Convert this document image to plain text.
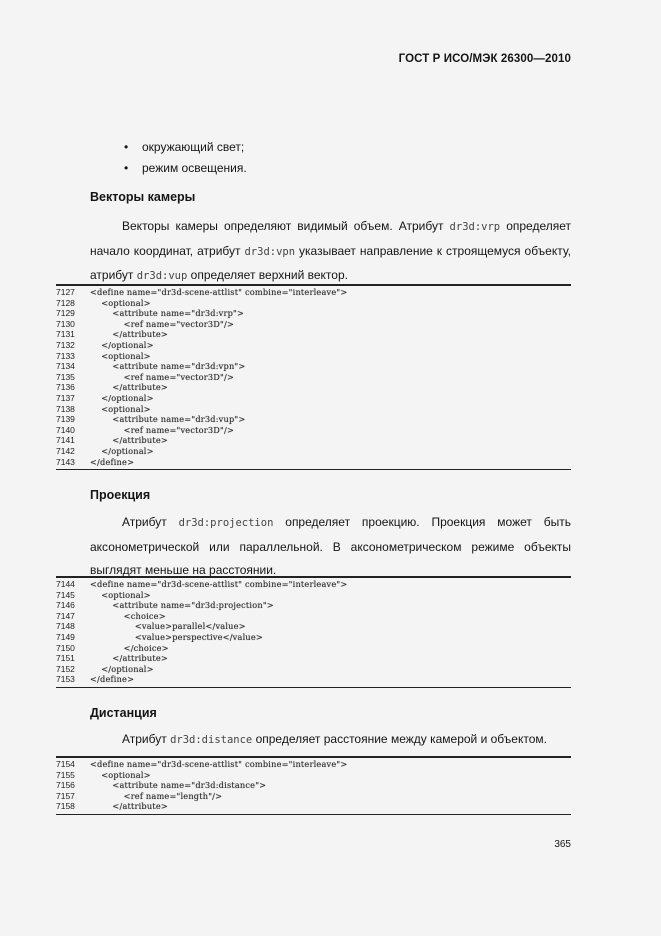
ГОСТ Р ИСО/МЭК 26300—2010
• окружающий свет;
• режим освещения.
Векторы камеры

Векторы камеры определяют видимый объем. Атрибут dr3d:vrp определяет начало координат, атрибут dr3d:vpn указывает направление к строящемуся объекту, атрибут dr3d:vup определяет верхний вектор.

7127	<define name="dr3d-scene-attlist" combine="interleave">
7128	<optional>
7129	<attribute name="dr3d:vrp">
7130	<ref name="vector3D"/>
7131	</attribute>
7132	</optional>
7133	<optional>
7134	<attribute name="dr3d:vpn">
7135	<ref name="vector3D"/>
7136	</attribute>
7137	</optional>
7138	<optional>
7139	<attribute name="dr3d:vup">
7140	<ref name="vector3D"/>
7141	</attribute>
7142	</optional>
7143	</define>
Проекция

Атрибут dr3d:projection определяет проекцию. Проекция может быть аксонометрической или параллельной. В аксонометрическом режиме объекты выглядят меньше на расстоянии.

7144	<define name="dr3d-scene-attlist" combine="interleave">
7145	<optional>
7146	<attribute name="dr3d:projection">
7147	<choice>
7148	<value>parallel</value>
7149	<value>perspective</value>
7150	</choice>
7151	</attribute>
7152	</optional>
7153	</define>
Дистанция

Атрибут dr3d:distance определяет расстояние между камерой и объектом.

7154	<define name="dr3d-scene-attlist" combine="interleave">
7155	<optional>
7156	<attribute name="dr3d:distance">
7157	<ref name="length"/>
7158	</attribute>
365
